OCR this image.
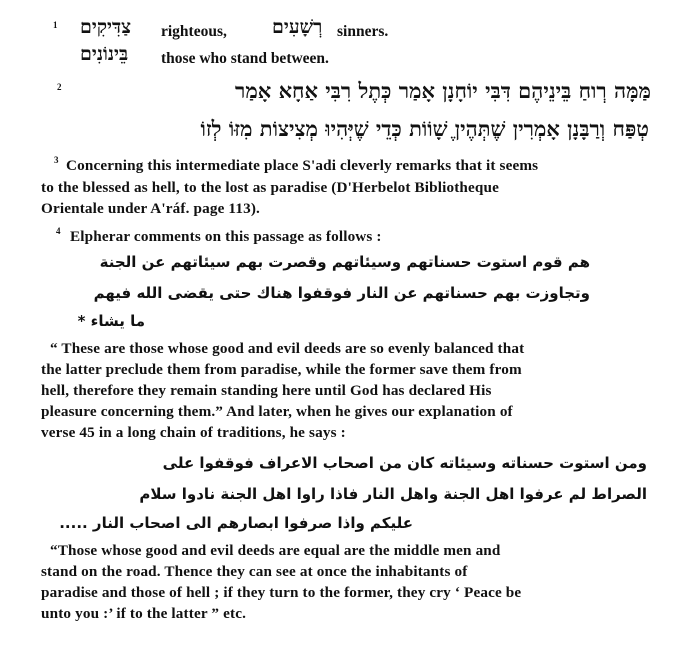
1 צַדִּיקִים righteous, רְשָׁעִים sinners.
בֵּינוֹנִים those who stand between.
2	מַּמָּה רְוחַ בֵּינֵיהֶם דִּבִּי יוֹחָנָן אָמַר כְּתֶל רִבִּי אַחָא אָמַר
טְפַּח וְרַבָּנָן אָמְרִין שֶׁתְּהֶיןֶ שָׁוֹוֹת כְּדֵי שֶׁיְּהִיוּ מְצִיצוֹת מִזּוֹ לְזוֹ
3 Concerning this intermediate place S'adi cleverly remarks that it seems
to the blessed as hell, to the lost as paradise (D'Herbelot Bibliotheque
Orientale under A'ráf. page 113).
4 Elpherar comments on this passage as follows :
هم قوم استوت حسناتهم وسيئاتهم وقصرت بهم سيئاتهم عن الجنة
وتجاوزت بهم حسناتهم عن النار فوقفوا هناك حتى يقضى الله فيهم
ما يشاء *
“ These are those whose good and evil deeds are so evenly balanced that
the latter preclude them from paradise, while the former save them from
hell, therefore they remain standing here until God has declared His
pleasure concerning them.” And later, when he gives our explanation of
verse 45 in a long chain of traditions, he says :
ومن استوت حسناته وسيئاته كان من اصحاب الاعراف فوقفوا على
الصراط لم عرفوا اهل الجنة واهل النار فاذا راوا اهل الجنة نادوا سلام
عليكم واذا صرفوا ابصارهم الى اصحاب النار .....
“Those whose good and evil deeds are equal are the middle men and
stand on the road. Thence they can see at once the inhabitants of
paradise and those of hell ; if they turn to the former, they cry ‘ Peace be
unto you :’ if to the latter ” etc.
